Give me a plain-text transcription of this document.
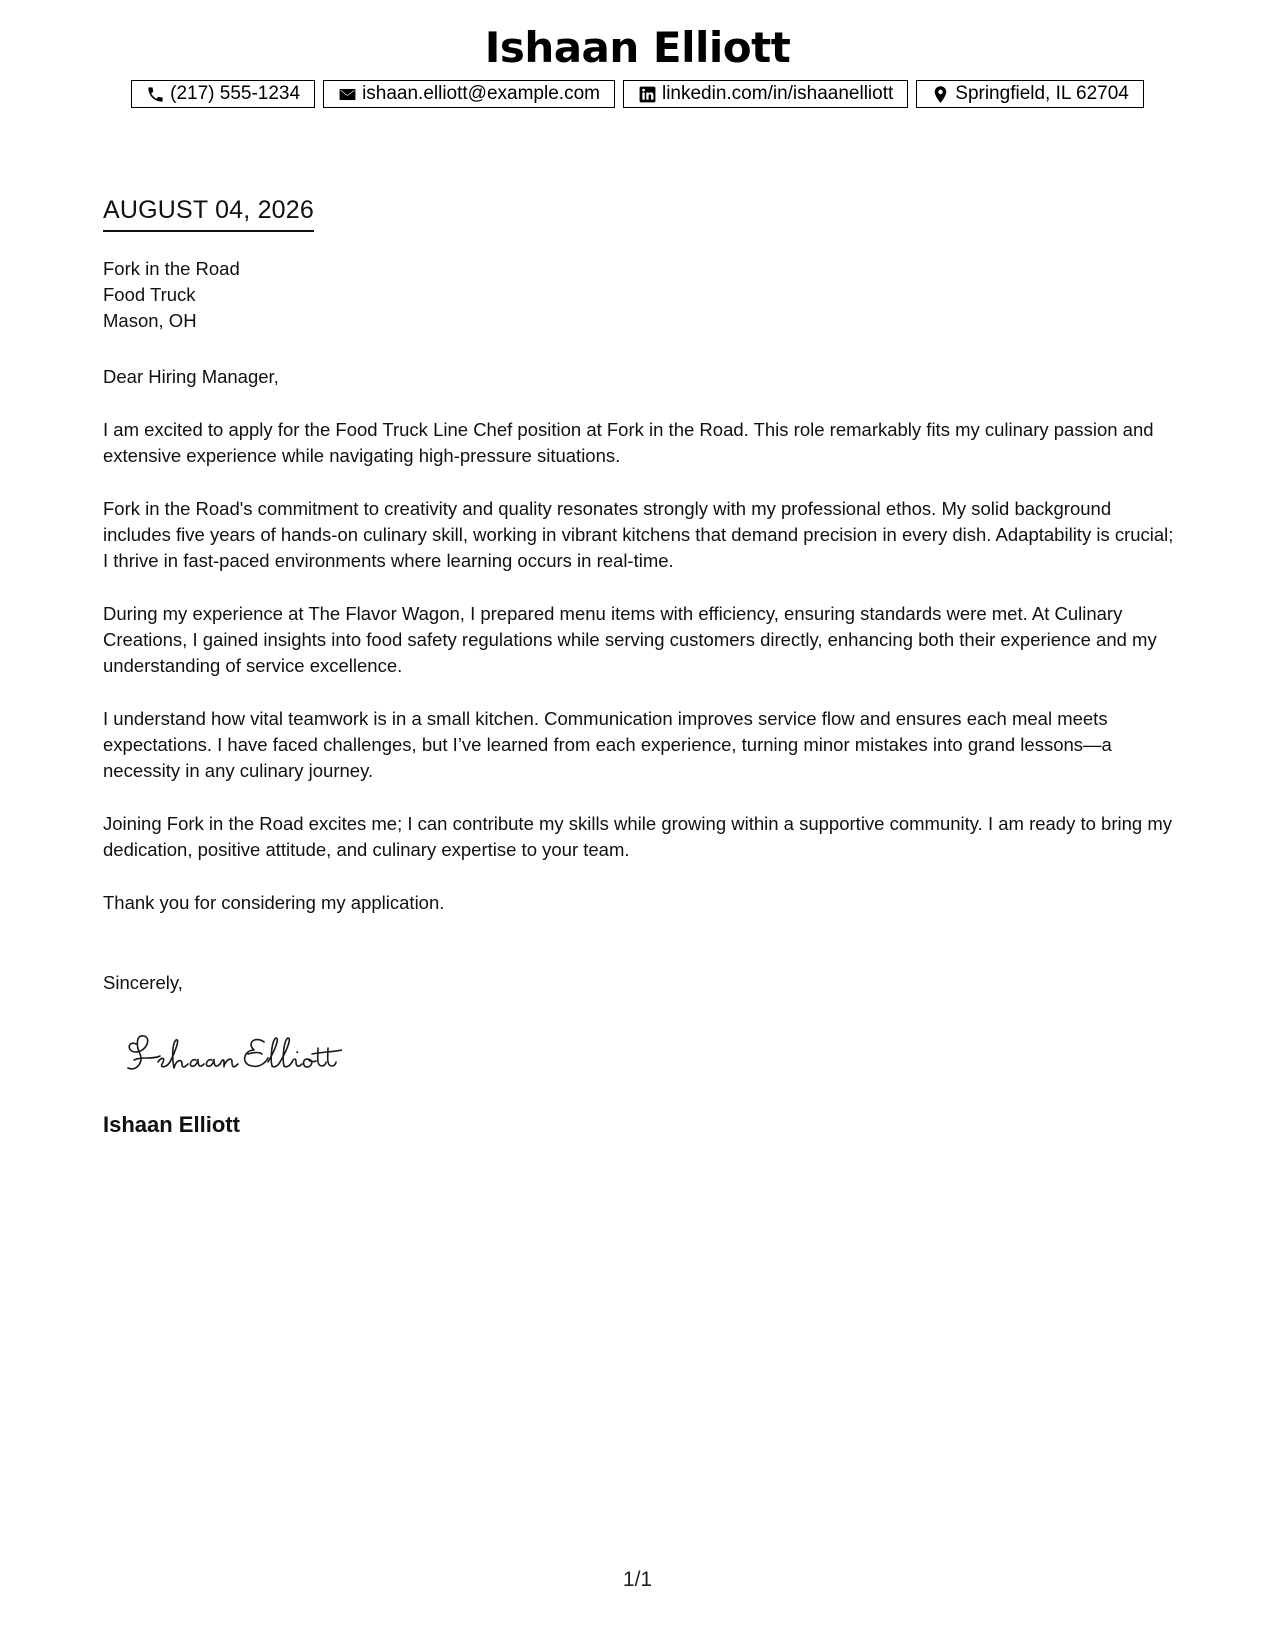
Ishaan Elliott
(217) 555-1234	ishaan.elliott@example.com	linkedin.com/in/ishaanelliott	Springfield, IL 62704
AUGUST 04, 2026
Fork in the Road
Food Truck
Mason, OH

Dear Hiring Manager,

I am excited to apply for the Food Truck Line Chef position at Fork in the Road. This role remarkably fits my culinary passion and extensive experience while navigating high-pressure situations.

Fork in the Road's commitment to creativity and quality resonates strongly with my professional ethos. My solid background includes five years of hands-on culinary skill, working in vibrant kitchens that demand precision in every dish. Adaptability is crucial; I thrive in fast-paced environments where learning occurs in real-time.

During my experience at The Flavor Wagon, I prepared menu items with efficiency, ensuring standards were met. At Culinary Creations, I gained insights into food safety regulations while serving customers directly, enhancing both their experience and my understanding of service excellence.

I understand how vital teamwork is in a small kitchen. Communication improves service flow and ensures each meal meets expectations. I have faced challenges, but I’ve learned from each experience, turning minor mistakes into grand lessons—a necessity in any culinary journey.

Joining Fork in the Road excites me; I can contribute my skills while growing within a supportive community. I am ready to bring my dedication, positive attitude, and culinary expertise to your team.

Thank you for considering my application.

Sincerely,
Ishaan Elliott
1/1
